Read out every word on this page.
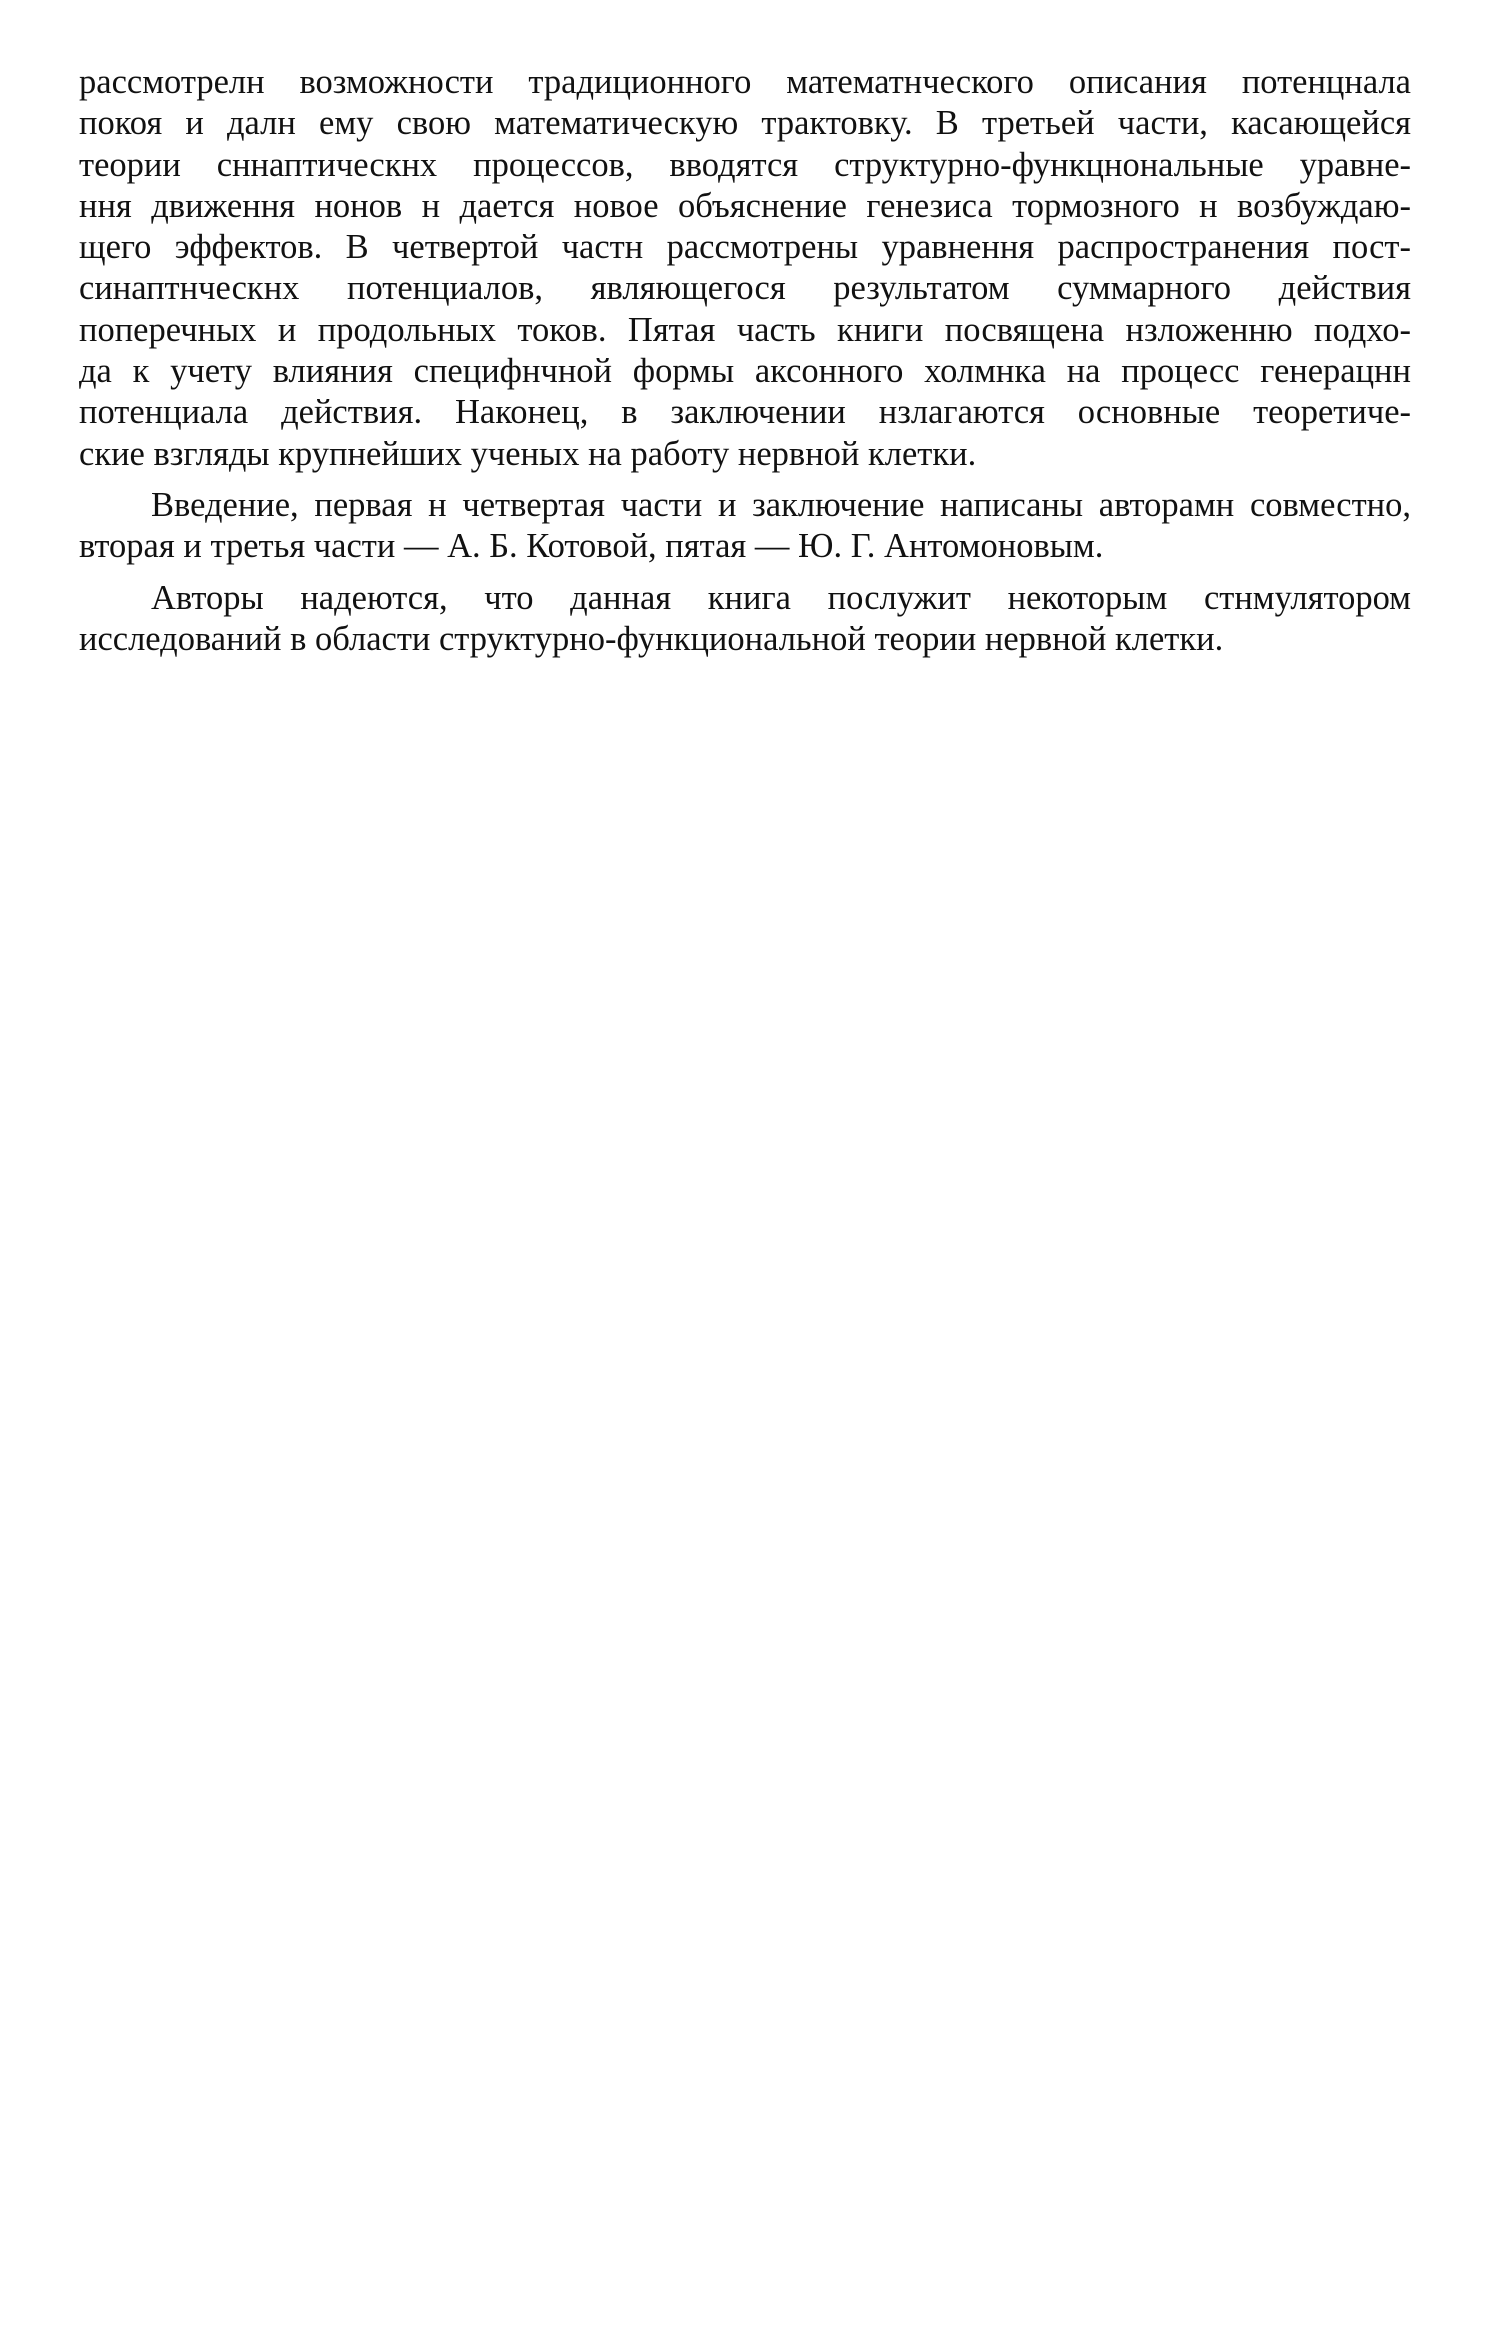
рассмотрелн возможности традиционного математнческого описания потенцнала
покоя и далн ему свою математическую трактовку. В третьей части, касающейся
теории сннаптическнх процессов, вводятся структурно-функцнональные уравне-
ння движення нонов н дается новое объяснение генезиса тормозного н возбуждаю-
щего эффектов. В четвертой частн рассмотрены уравнення распространения пост-
синаптнческнх потенциалов, являющегося результатом суммарного действия
поперечных и продольных токов. Пятая часть книги посвящена нзложенню подхо-
да к учету влияния специфнчной формы аксонного холмнка на процесс генерацнн
потенциала действия. Наконец, в заключении нзлагаются основные теоретиче-
ские взгляды крупнейших ученых на работу нервной клетки.
Введение, первая н четвертая части и заключение написаны авторамн совместно,
вторая и третья части — А. Б. Котовой, пятая — Ю. Г. Антомоновым.
Авторы надеются, что данная книга послужит некоторым стнмулятором
исследований в области структурно-функциональной теории нервной клетки.
